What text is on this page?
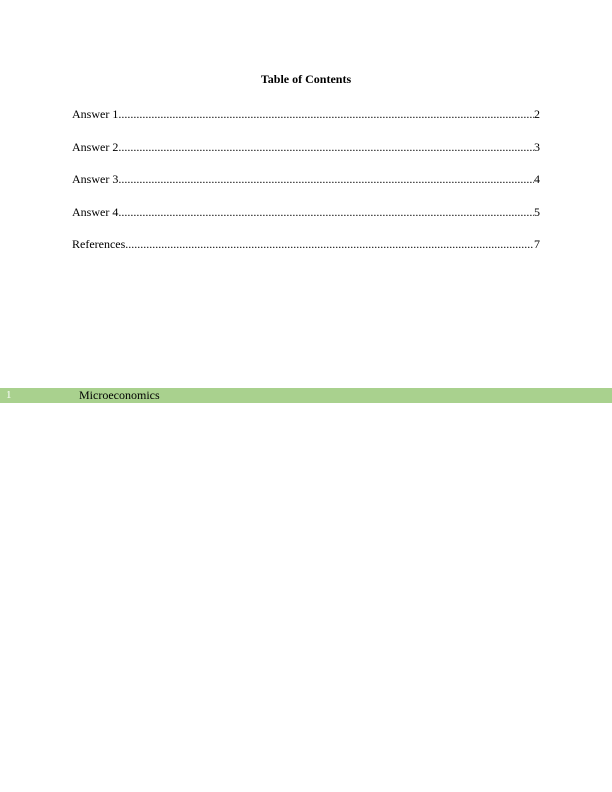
Table of Contents
Answer 1 .....	2
Answer 2 .....	3
Answer 3 .....	4
Answer 4 .....	5
References .....	7
1	Microeconomics
